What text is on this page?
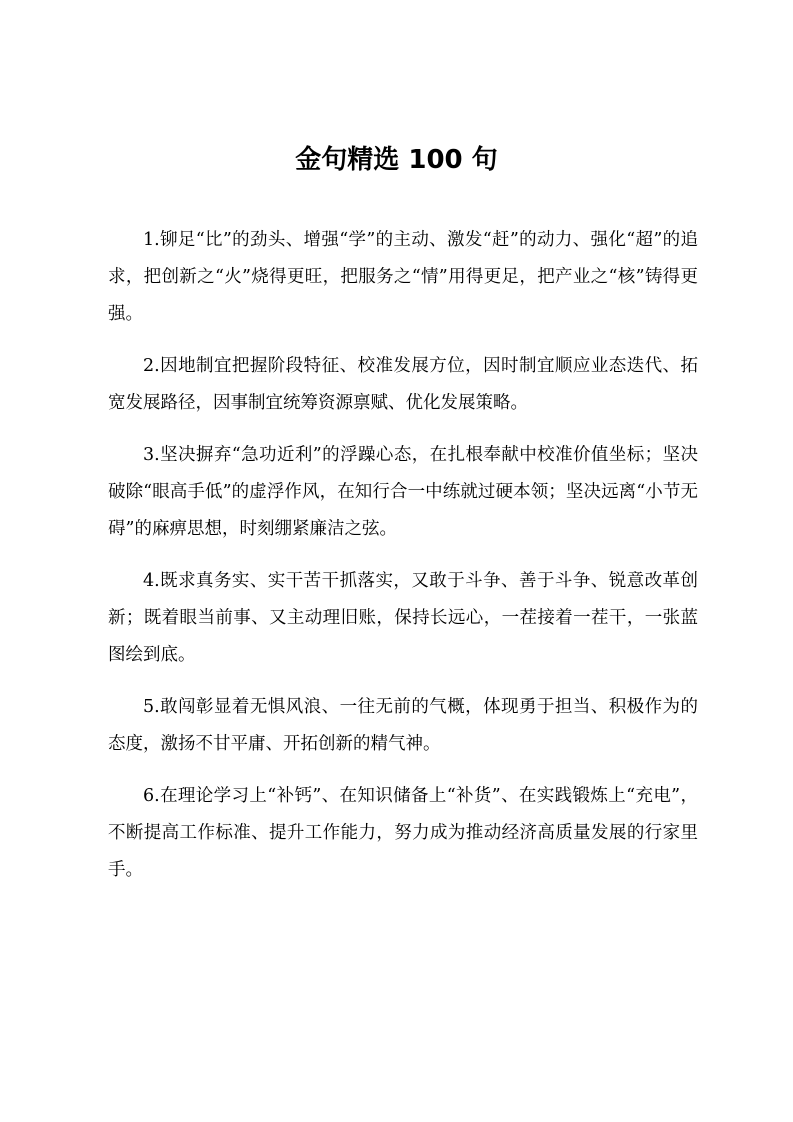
金句精选 100 句

1.铆足“比”的劲头、增强“学”的主动、激发“赶”的动力、强化“超”的追求，把创新之“火”烧得更旺，把服务之“情”用得更足，把产业之“核”铸得更强。

2.因地制宜把握阶段特征、校准发展方位，因时制宜顺应业态迭代、拓宽发展路径，因事制宜统筹资源禀赋、优化发展策略。

3.坚决摒弃“急功近利”的浮躁心态，在扎根奉献中校准价值坐标；坚决破除“眼高手低”的虚浮作风，在知行合一中练就过硬本领；坚决远离“小节无碍”的麻痹思想，时刻绷紧廉洁之弦。

4.既求真务实、实干苦干抓落实，又敢于斗争、善于斗争、锐意改革创新；既着眼当前事、又主动理旧账，保持长远心，一茬接着一茬干，一张蓝图绘到底。

5.敢闯彰显着无惧风浪、一往无前的气概，体现勇于担当、积极作为的态度，激扬不甘平庸、开拓创新的精气神。

6.在理论学习上“补钙”、在知识储备上“补货”、在实践锻炼上“充电”，不断提高工作标准、提升工作能力，努力成为推动经济高质量发展的行家里手。
